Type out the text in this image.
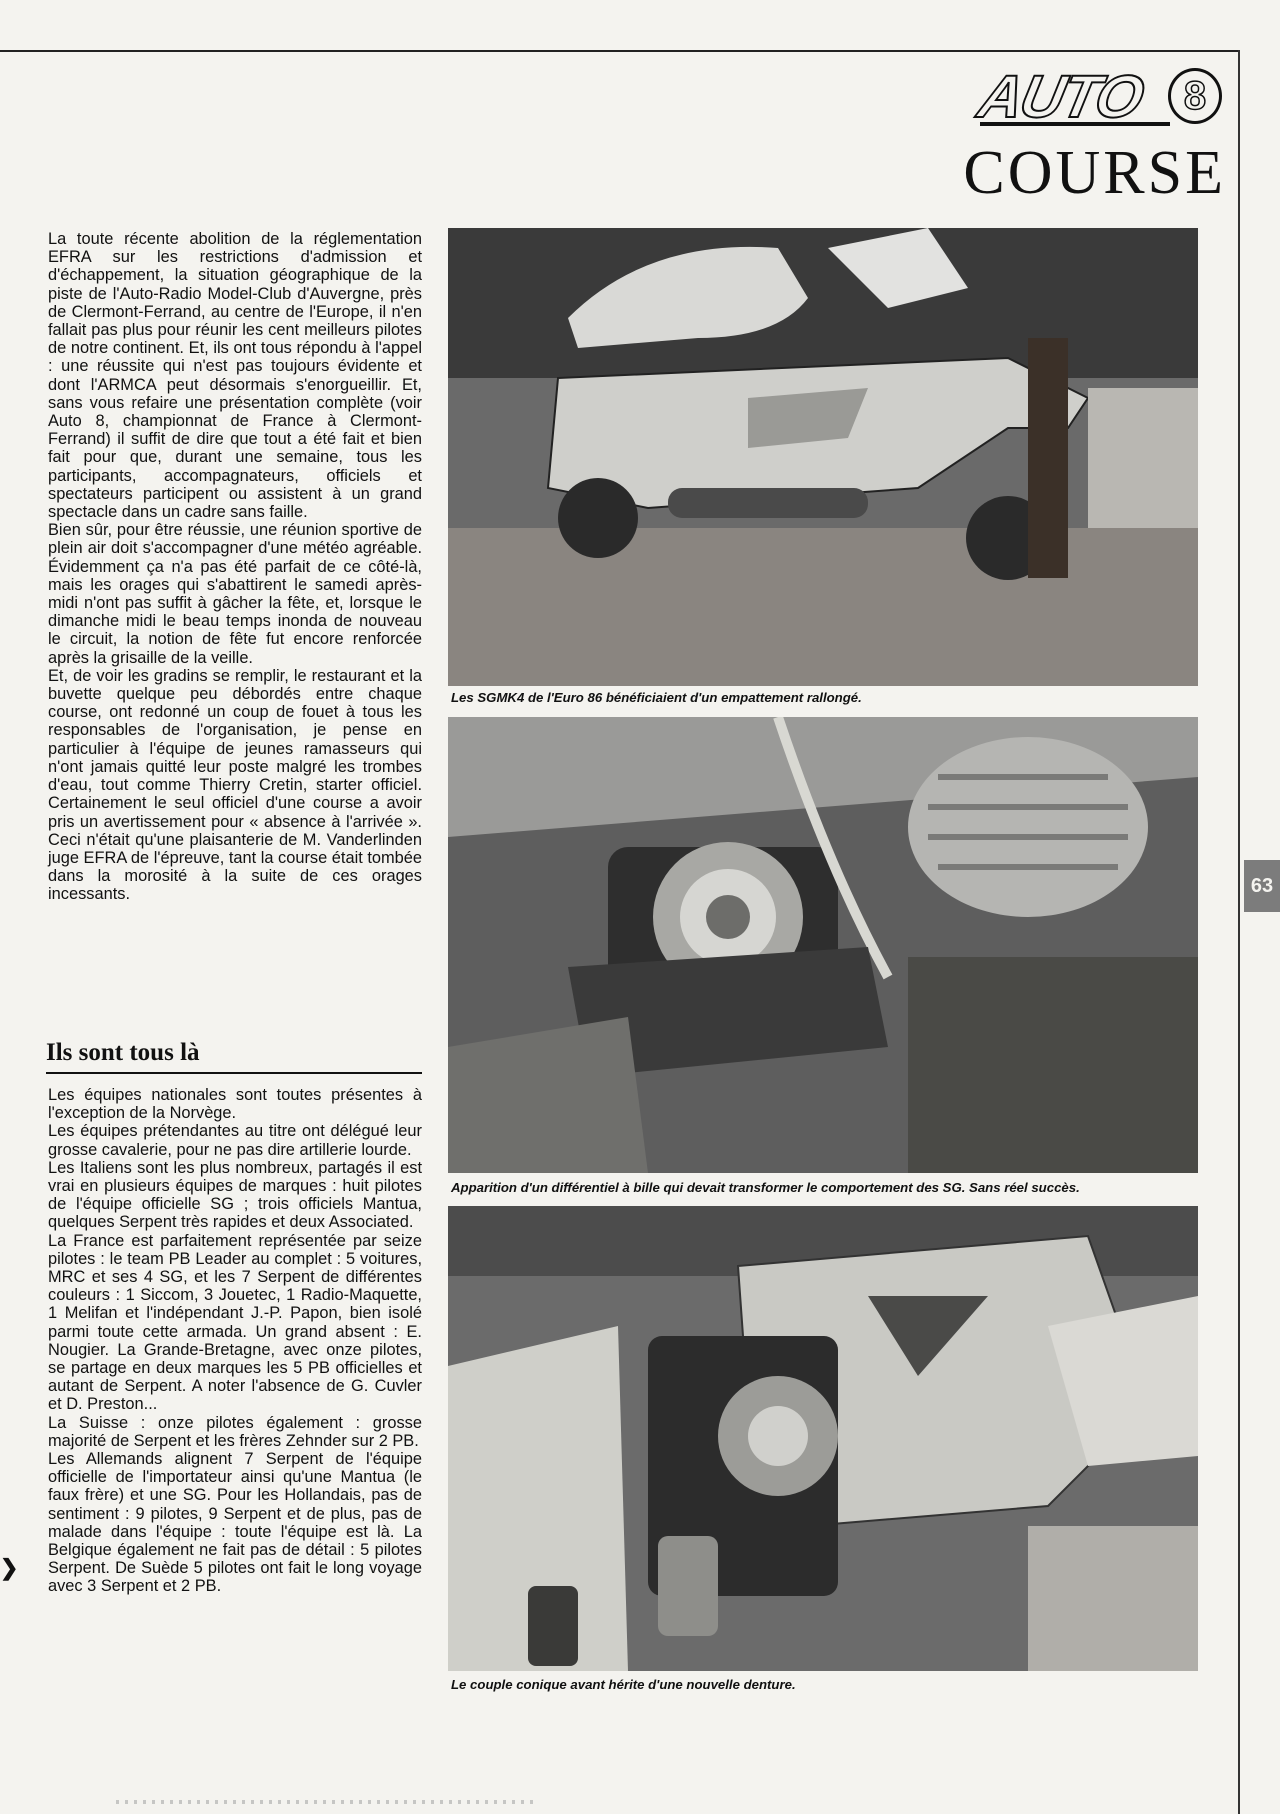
AUTO 8
COURSE

La toute récente abolition de la réglementation EFRA sur les restrictions d'admission et d'échappement, la situation géographique de la piste de l'Auto-Radio Model-Club d'Auvergne, près de Clermont-Ferrand, au centre de l'Europe, il n'en fallait pas plus pour réunir les cent meilleurs pilotes de notre continent. Et, ils ont tous répondu à l'appel : une réussite qui n'est pas toujours évidente et dont l'ARMCA peut désormais s'enorgueillir. Et, sans vous refaire une présentation complète (voir Auto 8, championnat de France à Clermont-Ferrand) il suffit de dire que tout a été fait et bien fait pour que, durant une semaine, tous les participants, accompagnateurs, officiels et spectateurs participent ou assistent à un grand spectacle dans un cadre sans faille.

Bien sûr, pour être réussie, une réunion sportive de plein air doit s'accompagner d'une météo agréable. Évidemment ça n'a pas été parfait de ce côté-là, mais les orages qui s'abattirent le samedi après-midi n'ont pas suffit à gâcher la fête, et, lorsque le dimanche midi le beau temps inonda de nouveau le circuit, la notion de fête fut encore renforcée après la grisaille de la veille.

Et, de voir les gradins se remplir, le restaurant et la buvette quelque peu débordés entre chaque course, ont redonné un coup de fouet à tous les responsables de l'organisation, je pense en particulier à l'équipe de jeunes ramasseurs qui n'ont jamais quitté leur poste malgré les trombes d'eau, tout comme Thierry Cretin, starter officiel. Certainement le seul officiel d'une course a avoir pris un avertissement pour « absence à l'arrivée ». Ceci n'était qu'une plaisanterie de M. Vanderlinden juge EFRA de l'épreuve, tant la course était tombée dans la morosité à la suite de ces orages incessants.

Ils sont tous là

Les équipes nationales sont toutes présentes à l'exception de la Norvège.

Les équipes prétendantes au titre ont délégué leur grosse cavalerie, pour ne pas dire artillerie lourde.

Les Italiens sont les plus nombreux, partagés il est vrai en plusieurs équipes de marques : huit pilotes de l'équipe officielle SG ; trois officiels Mantua, quelques Serpent très rapides et deux Associated.

La France est parfaitement représentée par seize pilotes : le team PB Leader au complet : 5 voitures, MRC et ses 4 SG, et les 7 Serpent de différentes couleurs : 1 Siccom, 3 Jouetec, 1 Radio-Maquette, 1 Melifan et l'indépendant J.-P. Papon, bien isolé parmi toute cette armada. Un grand absent : E. Nougier. La Grande-Bretagne, avec onze pilotes, se partage en deux marques les 5 PB officielles et autant de Serpent. A noter l'absence de G. Cuvler et D. Preston...

La Suisse : onze pilotes également : grosse majorité de Serpent et les frères Zehnder sur 2 PB.

Les Allemands alignent 7 Serpent de l'équipe officielle de l'importateur ainsi qu'une Mantua (le faux frère) et une SG. Pour les Hollandais, pas de sentiment : 9 pilotes, 9 Serpent et de plus, pas de malade dans l'équipe : toute l'équipe est là. La Belgique également ne fait pas de détail : 5 pilotes Serpent. De Suède 5 pilotes ont fait le long voyage avec 3 Serpent et 2 PB.

Les SGMK4 de l'Euro 86 bénéficiaient d'un empattement rallongé.
Apparition d'un différentiel à bille qui devait transformer le comportement des SG. Sans réel succès.
Le couple conique avant hérite d'une nouvelle denture.
63
❯
